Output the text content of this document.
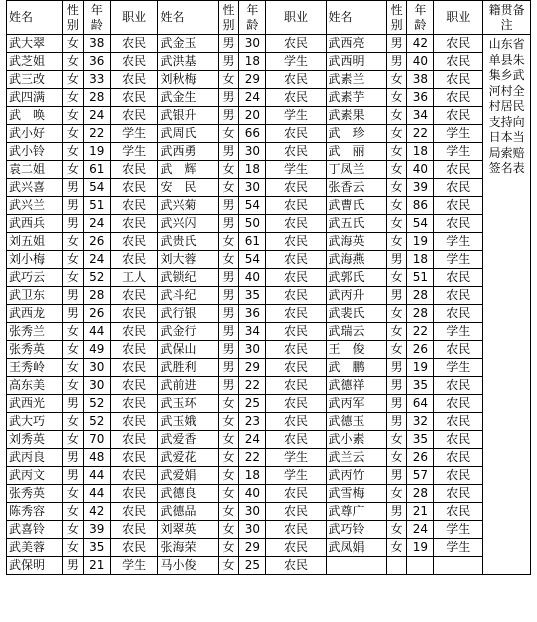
姓名	性别	年龄	职业	姓名	性别	年龄	职业	姓名	性别	年龄	职业	籍贯备注
武大翠	女	38	农民	武金玉	男	30	农民	武西亮	男	42	农民	山东省单县朱集乡武河村全村居民支持向日本当局索赔签名表
武芝姐	女	36	农民	武洪基	男	18	学生	武西明	男	40	农民	
武三改	女	33	农民	刘秋梅	女	29	农民	武素兰	女	38	农民	
武四满	女	28	农民	武金生	男	24	农民	武素芋	女	36	农民	
武　唤	女	24	农民	武银升	男	20	学生	武素果	女	34	农民	
武小好	女	22	学生	武周氏	女	66	农民	武　珍	女	22	学生	
武小铃	女	19	学生	武西勇	男	30	农民	武　丽	女	18	学生	
袁二姐	女	61	农民	武　辉	女	18	学生	丁凤兰	女	40	农民	
武兴喜	男	54	农民	安　民	女	30	农民	张香云	女	39	农民	
武兴兰	男	51	农民	武兴菊	男	54	农民	武曹氏	女	86	农民	
武西兵	男	24	农民	武兴闪	男	50	农民	武五氏	女	54	农民	
刘五姐	女	26	农民	武贵氏	女	61	农民	武海英	女	19	学生	
刘小梅	女	24	农民	刘大蓉	女	54	农民	武海燕	男	18	学生	
武巧云	女	52	工人	武锁纪	男	40	农民	武郭氏	女	51	农民	
武卫东	男	28	农民	武斗纪	男	35	农民	武丙升	男	28	农民	
武西龙	男	26	农民	武行银	男	36	农民	武裴氏	女	28	农民	
张秀兰	女	44	农民	武金行	男	34	农民	武瑞云	女	22	学生	
张秀英	女	49	农民	武保山	男	30	农民	王　俊	女	26	农民	
王秀岭	女	30	农民	武胜利	男	29	农民	武　鹏	男	19	学生	
高东美	女	30	农民	武前进	男	22	农民	武德祥	男	35	农民	
武西光	男	52	农民	武玉环	女	25	农民	武丙军	男	64	农民	
武大巧	女	52	农民	武玉娥	女	23	农民	武德玉	男	32	农民	
刘秀英	女	70	农民	武爱香	女	24	农民	武小素	女	35	农民	
武丙良	男	48	农民	武爱花	女	22	学生	武兰云	女	26	农民	
武丙文	男	44	农民	武爱娟	女	18	学生	武丙竹	男	57	农民	
张秀英	女	44	农民	武德良	女	40	农民	武雪梅	女	28	农民	
陈秀容	女	42	农民	武德品	女	30	农民	武尊广	男	21	农民	
武喜铃	女	39	农民	刘翠英	女	30	农民	武巧铃	女	24	学生	
武美蓉	女	35	农民	张海荣	女	29	农民	武凤娟	女	19	学生	
武保明	男	21	学生	马小俊	女	25	农民					
